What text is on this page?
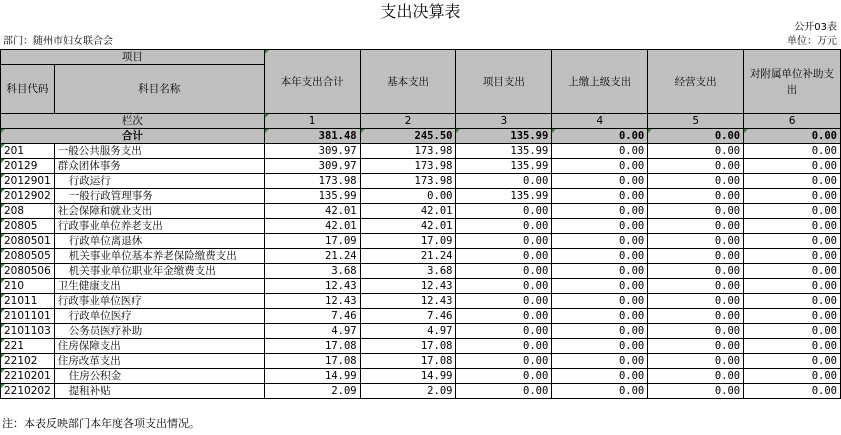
支出决算表
公开03表
部门：随州市妇女联合会	单位：万元
项目		本年支出合计	基本支出	项目支出	上缴上级支出	经营支出	对附属单位补助支出
科目代码	科目名称						
栏次		1	2	3	4	5	6
合计		381.48	245.50	135.99	0.00	0.00	0.00
201	一般公共服务支出	309.97	173.98	135.99	0.00	0.00	0.00
20129	群众团体事务	309.97	173.98	135.99	0.00	0.00	0.00
2012901	行政运行	173.98	173.98	0.00	0.00	0.00	0.00
2012902	一般行政管理事务	135.99	0.00	135.99	0.00	0.00	0.00
208	社会保障和就业支出	42.01	42.01	0.00	0.00	0.00	0.00
20805	行政事业单位养老支出	42.01	42.01	0.00	0.00	0.00	0.00
2080501	行政单位离退休	17.09	17.09	0.00	0.00	0.00	0.00
2080505	机关事业单位基本养老保险缴费支出	21.24	21.24	0.00	0.00	0.00	0.00
2080506	机关事业单位职业年金缴费支出	3.68	3.68	0.00	0.00	0.00	0.00
210	卫生健康支出	12.43	12.43	0.00	0.00	0.00	0.00
21011	行政事业单位医疗	12.43	12.43	0.00	0.00	0.00	0.00
2101101	行政单位医疗	7.46	7.46	0.00	0.00	0.00	0.00
2101103	公务员医疗补助	4.97	4.97	0.00	0.00	0.00	0.00
221	住房保障支出	17.08	17.08	0.00	0.00	0.00	0.00
22102	住房改革支出	17.08	17.08	0.00	0.00	0.00	0.00
2210201	住房公积金	14.99	14.99	0.00	0.00	0.00	0.00
2210202	提租补贴	2.09	2.09	0.00	0.00	0.00	0.00
注：本表反映部门本年度各项支出情况。
